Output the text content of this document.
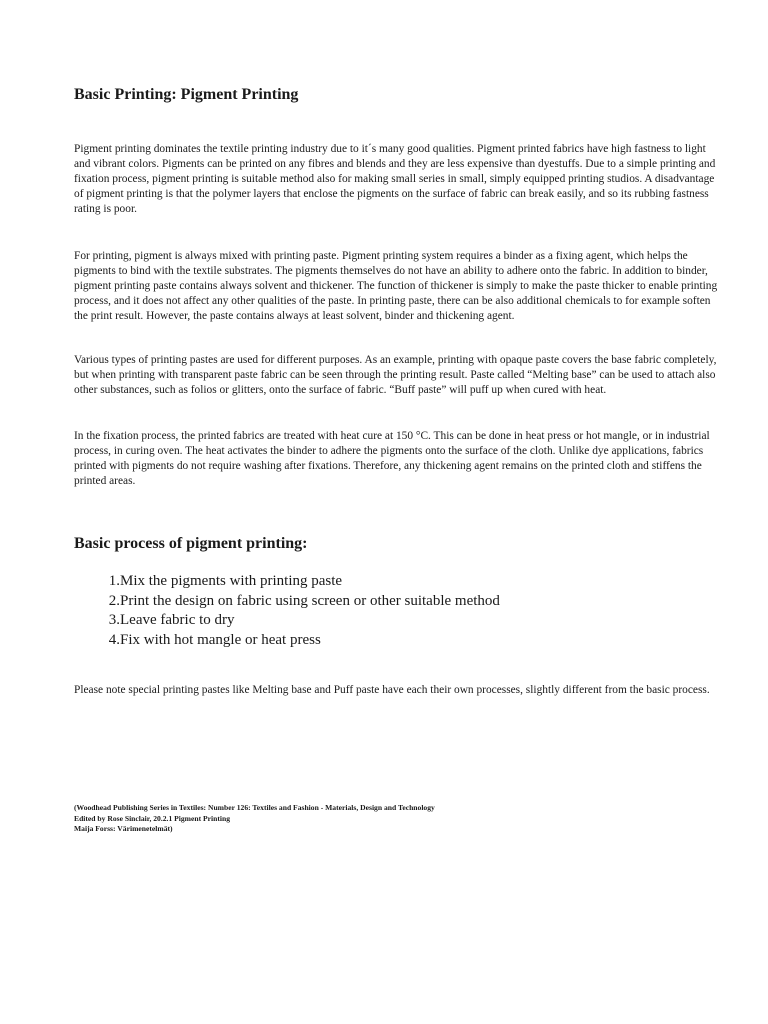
Basic Printing: Pigment Printing

Pigment printing dominates the textile printing industry due to it´s many good qualities. Pigment printed fabrics have high fastness to light and vibrant colors. Pigments can be printed on any fibres and blends and they are less expensive than dyestuffs. Due to a simple printing and fixation process, pigment printing is suitable method also for making small series in small, simply equipped printing studios. A disadvantage of pigment printing is that the polymer layers that enclose the pigments on the surface of fabric can break easily, and so its rubbing fastness rating is poor.

For printing, pigment is always mixed with printing paste. Pigment printing system requires a binder as a fixing agent, which helps the pigments to bind with the textile substrates. The pigments themselves do not have an ability to adhere onto the fabric. In addition to binder, pigment printing paste contains always solvent and thickener. The function of thickener is simply to make the paste thicker to enable printing process, and it does not affect any other qualities of the paste. In printing paste, there can be also additional chemicals to for example soften the print result. However, the paste contains always at least solvent, binder and thickening agent.

Various types of printing pastes are used for different purposes. As an example, printing with opaque paste covers the base fabric completely, but when printing with transparent paste fabric can be seen through the printing result. Paste called “Melting base” can be used to attach also other substances, such as folios or glitters, onto the surface of fabric. “Buff paste” will puff up when cured with heat.

In the fixation process, the printed fabrics are treated with heat cure at 150 °C. This can be done in heat press or hot mangle, or in industrial process, in curing oven. The heat activates the binder to adhere the pigments onto the surface of the cloth. Unlike dye applications, fabrics printed with pigments do not require washing after fixations. Therefore, any thickening agent remains on the printed cloth and stiffens the printed areas.

Basic process of pigment printing:
1. Mix the pigments with printing paste
2. Print the design on fabric using screen or other suitable method
3. Leave fabric to dry
4. Fix with hot mangle or heat press

Please note special printing pastes like Melting base and Puff paste have each their own processes, slightly different from the basic process.

(Woodhead Publishing Series in Textiles: Number 126: Textiles and Fashion - Materials, Design and Technology
Edited by Rose Sinclair, 20.2.1 Pigment Printing
Maija Forss: Värimenetelmät)
